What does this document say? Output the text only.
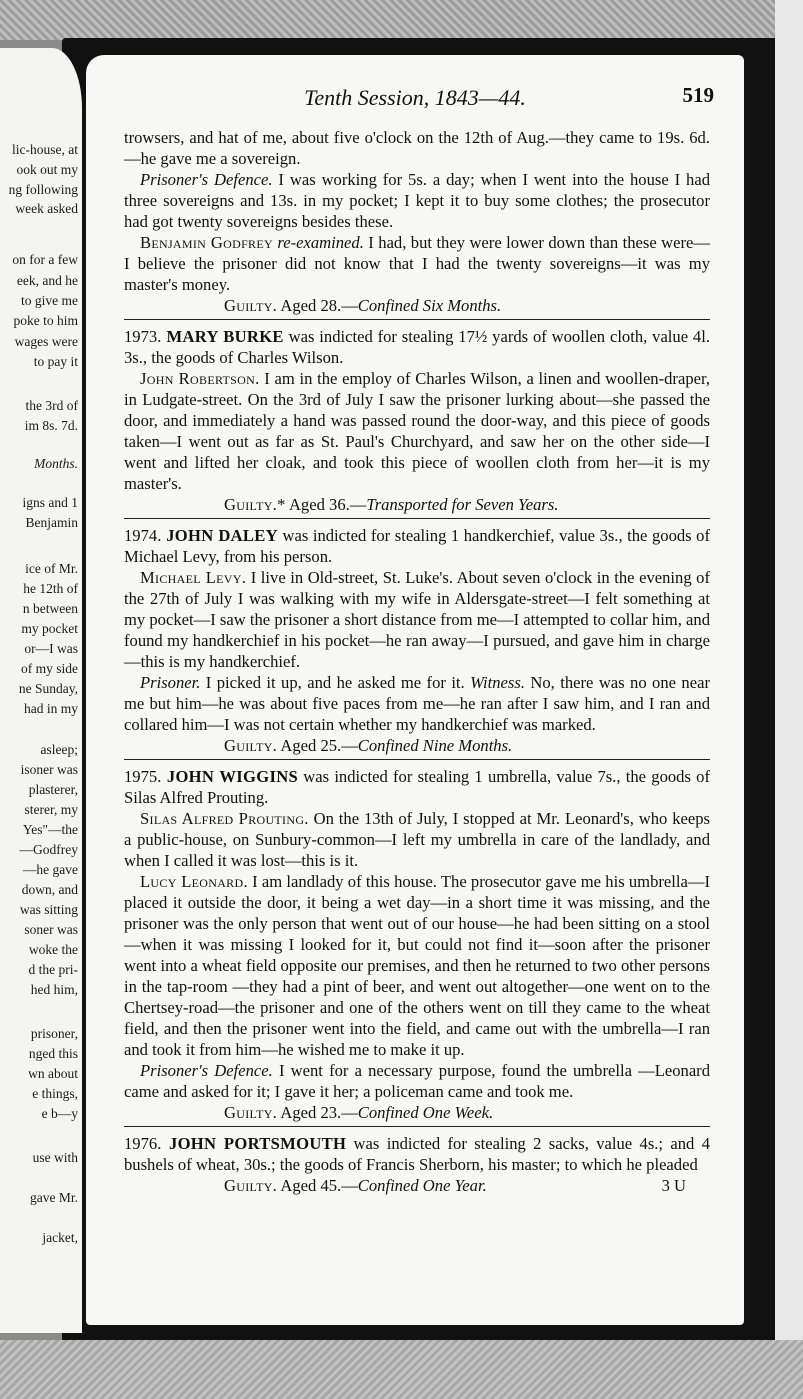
lic-house, at
ook out my
ng following
week asked
on for a few
eek, and he
to give me
poke to him
wages were
to pay it
the 3rd of
im 8s. 7d.
Months.
igns and 1
Benjamin
ice of Mr.
he 12th of
n between
my pocket
or—I was
of my side
ne Sunday,
had in my
asleep;
isoner was
plasterer,
sterer, my
Yes"—the
—Godfrey
—he gave
down, and
was sitting
soner was
woke the
d the pri-
hed him,
prisoner,
nged this
wn about
e things,
e b—y
use with
gave Mr.
jacket,
Tenth Session, 1843—44.	519

trowsers, and hat of me, about five o'clock on the 12th of Aug.—they came to 19s. 6d.—he gave me a sovereign.

Prisoner's Defence. I was working for 5s. a day; when I went into the house I had three sovereigns and 13s. in my pocket; I kept it to buy some clothes; the prosecutor had got twenty sovereigns besides these.

Benjamin Godfrey re-examined. I had, but they were lower down than these were—I believe the prisoner did not know that I had the twenty sovereigns—it was my master's money.

Guilty. Aged 28.—Confined Six Months.

1973. MARY BURKE was indicted for stealing 17½ yards of woollen cloth, value 4l. 3s., the goods of Charles Wilson.

John Robertson. I am in the employ of Charles Wilson, a linen and woollen-draper, in Ludgate-street. On the 3rd of July I saw the prisoner lurking about—she passed the door, and immediately a hand was passed round the door-way, and this piece of goods taken—I went out as far as St. Paul's Churchyard, and saw her on the other side—I went and lifted her cloak, and took this piece of woollen cloth from her—it is my master's.

Guilty.* Aged 36.—Transported for Seven Years.

1974. JOHN DALEY was indicted for stealing 1 handkerchief, value 3s., the goods of Michael Levy, from his person.

Michael Levy. I live in Old-street, St. Luke's. About seven o'clock in the evening of the 27th of July I was walking with my wife in Aldersgate-street—I felt something at my pocket—I saw the prisoner a short distance from me—I attempted to collar him, and found my handkerchief in his pocket—he ran away—I pursued, and gave him in charge—this is my handkerchief.

Prisoner. I picked it up, and he asked me for it. Witness. No, there was no one near me but him—he was about five paces from me—he ran after I saw him, and I ran and collared him—I was not certain whether my handkerchief was marked.

Guilty. Aged 25.—Confined Nine Months.

1975. JOHN WIGGINS was indicted for stealing 1 umbrella, value 7s., the goods of Silas Alfred Prouting.

Silas Alfred Prouting. On the 13th of July, I stopped at Mr. Leonard's, who keeps a public-house, on Sunbury-common—I left my umbrella in care of the landlady, and when I called it was lost—this is it.

Lucy Leonard. I am landlady of this house. The prosecutor gave me his umbrella—I placed it outside the door, it being a wet day—in a short time it was missing, and the prisoner was the only person that went out of our house—he had been sitting on a stool—when it was missing I looked for it, but could not find it—soon after the prisoner went into a wheat field opposite our premises, and then he returned to two other persons in the tap-room —they had a pint of beer, and went out altogether—one went on to the Chertsey-road—the prisoner and one of the others went on till they came to the wheat field, and then the prisoner went into the field, and came out with the umbrella—I ran and took it from him—he wished me to make it up.

Prisoner's Defence. I went for a necessary purpose, found the umbrella —Leonard came and asked for it; I gave it her; a policeman came and took me.

Guilty. Aged 23.—Confined One Week.

1976. JOHN PORTSMOUTH was indicted for stealing 2 sacks, value 4s.; and 4 bushels of wheat, 30s.; the goods of Francis Sherborn, his master; to which he pleaded

Guilty. Aged 45.—Confined One Year.	3 U
